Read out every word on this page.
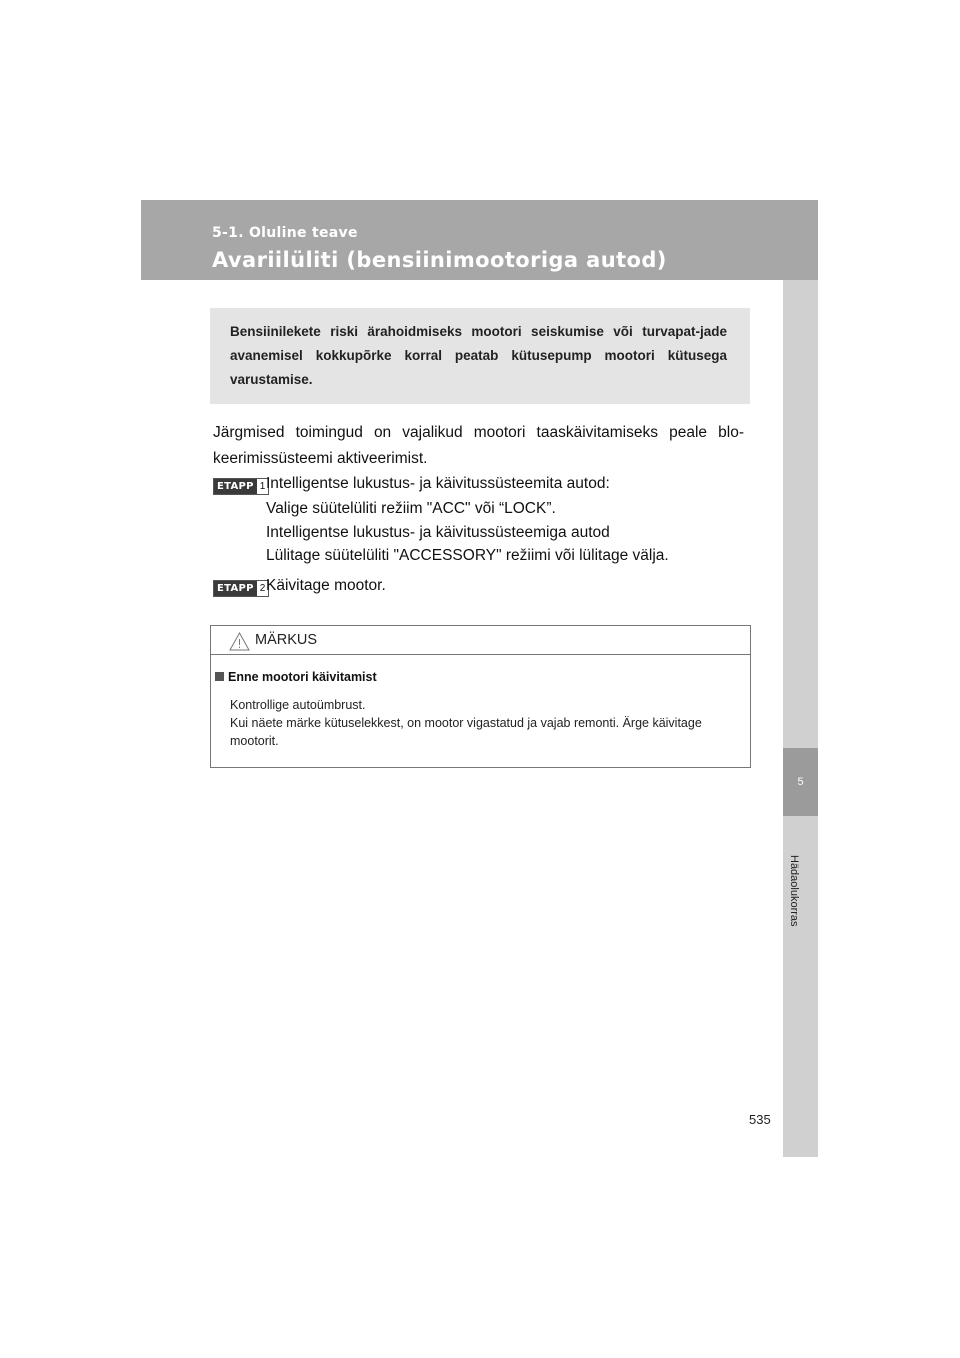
5-1. Oluline teave
Avariilüliti (bensiinimootoriga autod)
5
Hädaolukorras
Bensiinilekete riski ärahoidmiseks mootori seiskumise või turvapat-jade avanemisel kokkupõrke korral peatab kütusepump mootori kütusega varustamise.
Järgmised toimingud on vajalikud mootori taaskäivitamiseks peale blo-keerimissüsteemi aktiveerimist.
ETAPP 1 Intelligentse lukustus- ja käivitussüsteemita autod:
Valige süütelüliti režiim "ACC" või “LOCK”.
Intelligentse lukustus- ja käivitussüsteemiga autod
Lülitage süütelüliti "ACCESSORY" režiimi või lülitage välja.
ETAPP 2 Käivitage mootor.
MÄRKUS
Enne mootori käivitamist
Kontrollige autoümbrust.
Kui näete märke kütuselekkest, on mootor vigastatud ja vajab remonti. Ärge käivitage mootorit.
535
